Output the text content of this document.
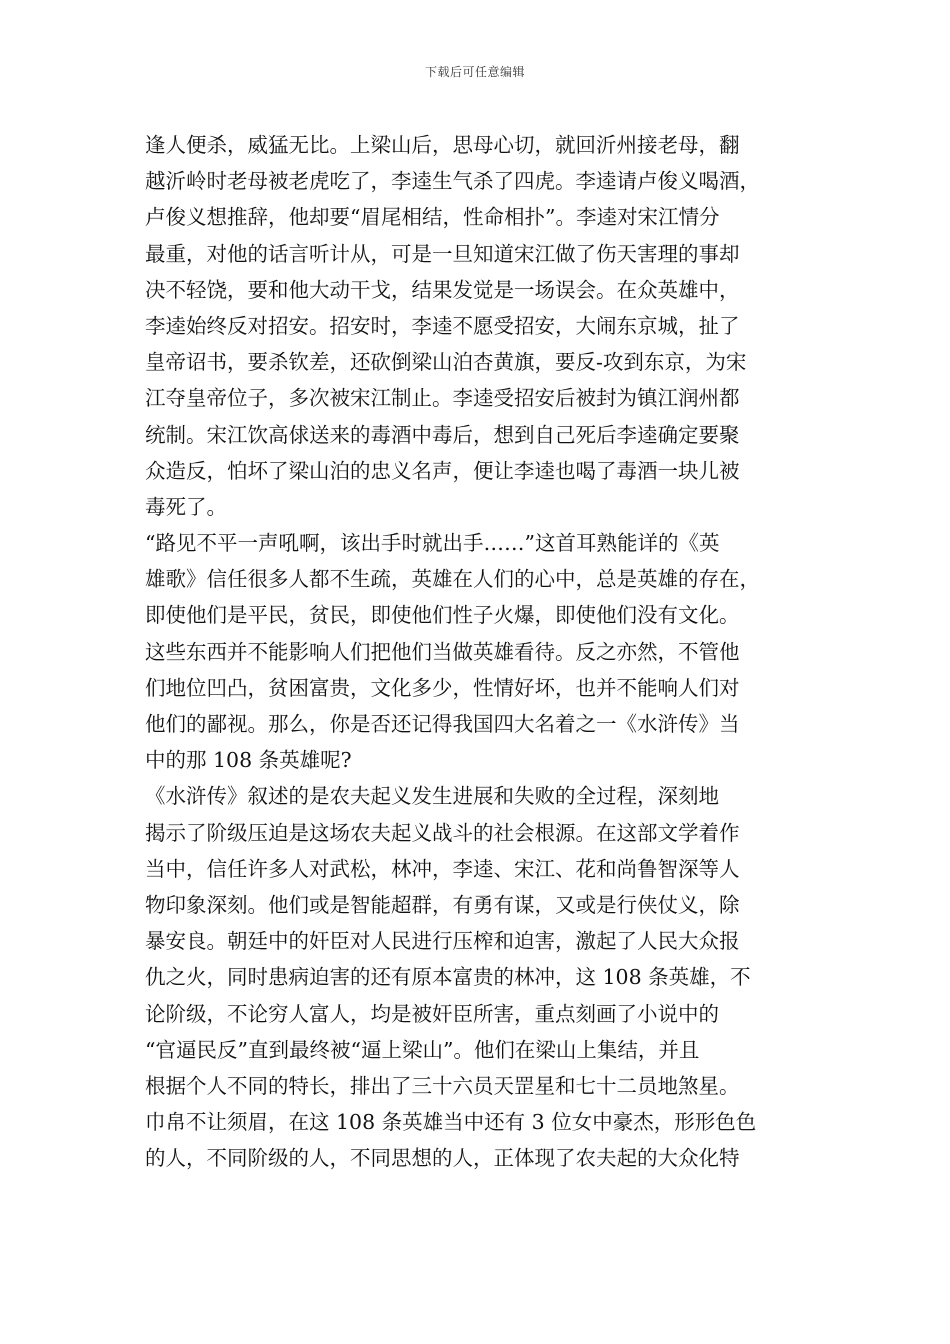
下载后可任意编辑
逢人便杀，威猛无比。上梁山后，思母心切，就回沂州接老母，翻
越沂岭时老母被老虎吃了，李逵生气杀了四虎。李逵请卢俊义喝酒，
卢俊义想推辞，他却要“眉尾相结，性命相扑”。李逵对宋江情分
最重，对他的话言听计从，可是一旦知道宋江做了伤天害理的事却
决不轻饶，要和他大动干戈，结果发觉是一场误会。在众英雄中，
李逵始终反对招安。招安时，李逵不愿受招安，大闹东京城，扯了
皇帝诏书，要杀钦差，还砍倒梁山泊杏黄旗，要反-攻到东京，为宋
江夺皇帝位子，多次被宋江制止。李逵受招安后被封为镇江润州都
统制。宋江饮高俅送来的毒酒中毒后，想到自己死后李逵确定要聚
众造反，怕坏了梁山泊的忠义名声，便让李逵也喝了毒酒一块儿被
毒死了。
“路见不平一声吼啊，该出手时就出手……”这首耳熟能详的《英
雄歌》信任很多人都不生疏，英雄在人们的心中，总是英雄的存在，
即使他们是平民，贫民，即使他们性子火爆，即使他们没有文化。
这些东西并不能影响人们把他们当做英雄看待。反之亦然，不管他
们地位凹凸，贫困富贵，文化多少，性情好坏，也并不能响人们对
他们的鄙视。那么，你是否还记得我国四大名着之一《水浒传》当
中的那 108 条英雄呢?
《水浒传》叙述的是农夫起义发生进展和失败的全过程，深刻地
揭示了阶级压迫是这场农夫起义战斗的社会根源。在这部文学着作
当中，信任许多人对武松，林冲，李逵、宋江、花和尚鲁智深等人
物印象深刻。他们或是智能超群，有勇有谋，又或是行侠仗义，除
暴安良。朝廷中的奸臣对人民进行压榨和迫害，激起了人民大众报
仇之火，同时患病迫害的还有原本富贵的林冲，这 108 条英雄，不
论阶级，不论穷人富人，均是被奸臣所害，重点刻画了小说中的
“官逼民反”直到最终被“逼上梁山”。他们在梁山上集结，并且
根据个人不同的特长，排出了三十六员天罡星和七十二员地煞星。
巾帛不让须眉，在这 108 条英雄当中还有 3 位女中豪杰，形形色色
的人，不同阶级的人，不同思想的人，正体现了农夫起的大众化特
